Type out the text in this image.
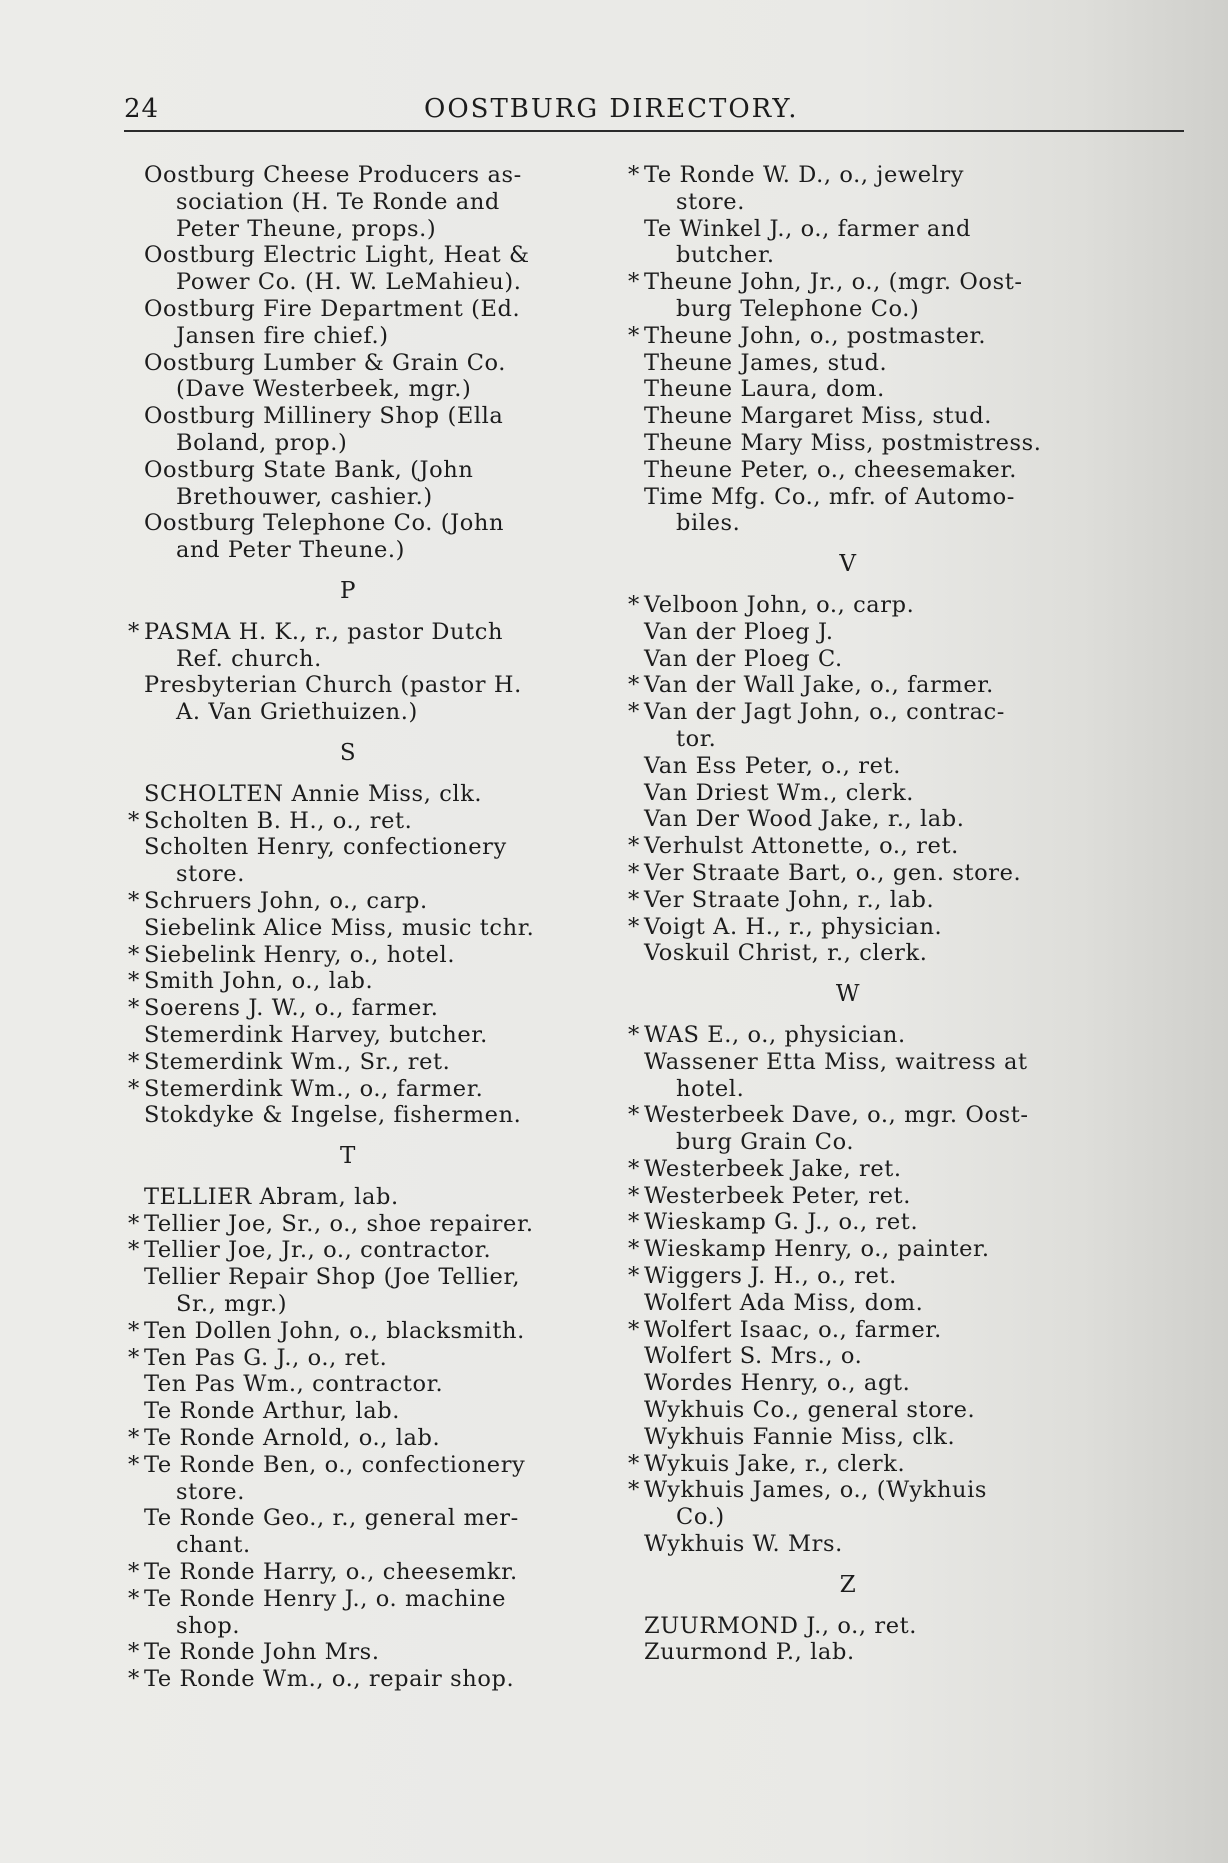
24	OOSTBURG DIRECTORY.
Oostburg Cheese Producers as-
sociation (H. Te Ronde and
Peter Theune, props.)
Oostburg Electric Light, Heat &
Power Co. (H. W. LeMahieu).
Oostburg Fire Department (Ed.
Jansen fire chief.)
Oostburg Lumber & Grain Co.
(Dave Westerbeek, mgr.)
Oostburg Millinery Shop (Ella
Boland, prop.)
Oostburg State Bank, (John
Brethouwer, cashier.)
Oostburg Telephone Co. (John
and Peter Theune.)
P
* PASMA H. K., r., pastor Dutch
Ref. church.
Presbyterian Church (pastor H.
A. Van Griethuizen.)
S
SCHOLTEN Annie Miss, clk.
* Scholten B. H., o., ret.
Scholten Henry, confectionery
store.
* Schruers John, o., carp.
Siebelink Alice Miss, music tchr.
* Siebelink Henry, o., hotel.
* Smith John, o., lab.
* Soerens J. W., o., farmer.
Stemerdink Harvey, butcher.
* Stemerdink Wm., Sr., ret.
* Stemerdink Wm., o., farmer.
Stokdyke & Ingelse, fishermen.
T
TELLIER Abram, lab.
* Tellier Joe, Sr., o., shoe repairer.
* Tellier Joe, Jr., o., contractor.
Tellier Repair Shop (Joe Tellier,
Sr., mgr.)
* Ten Dollen John, o., blacksmith.
* Ten Pas G. J., o., ret.
Ten Pas Wm., contractor.
Te Ronde Arthur, lab.
* Te Ronde Arnold, o., lab.
* Te Ronde Ben, o., confectionery
store.
Te Ronde Geo., r., general mer-
chant.
* Te Ronde Harry, o., cheesemkr.
* Te Ronde Henry J., o. machine
shop.
* Te Ronde John Mrs.
* Te Ronde Wm., o., repair shop.
* Te Ronde W. D., o., jewelry
store.
Te Winkel J., o., farmer and
butcher.
* Theune John, Jr., o., (mgr. Oost-
burg Telephone Co.)
* Theune John, o., postmaster.
Theune James, stud.
Theune Laura, dom.
Theune Margaret Miss, stud.
Theune Mary Miss, postmistress.
Theune Peter, o., cheesemaker.
Time Mfg. Co., mfr. of Automo-
biles.
V
* Velboon John, o., carp.
Van der Ploeg J.
Van der Ploeg C.
* Van der Wall Jake, o., farmer.
* Van der Jagt John, o., contrac-
tor.
Van Ess Peter, o., ret.
Van Driest Wm., clerk.
Van Der Wood Jake, r., lab.
* Verhulst Attonette, o., ret.
* Ver Straate Bart, o., gen. store.
* Ver Straate John, r., lab.
* Voigt A. H., r., physician.
Voskuil Christ, r., clerk.
W
* WAS E., o., physician.
Wassener Etta Miss, waitress at
hotel.
* Westerbeek Dave, o., mgr. Oost-
burg Grain Co.
* Westerbeek Jake, ret.
* Westerbeek Peter, ret.
* Wieskamp G. J., o., ret.
* Wieskamp Henry, o., painter.
* Wiggers J. H., o., ret.
Wolfert Ada Miss, dom.
* Wolfert Isaac, o., farmer.
Wolfert S. Mrs., o.
Wordes Henry, o., agt.
Wykhuis Co., general store.
Wykhuis Fannie Miss, clk.
* Wykuis Jake, r., clerk.
* Wykhuis James, o., (Wykhuis
Co.)
Wykhuis W. Mrs.
Z
ZUURMOND J., o., ret.
Zuurmond P., lab.
